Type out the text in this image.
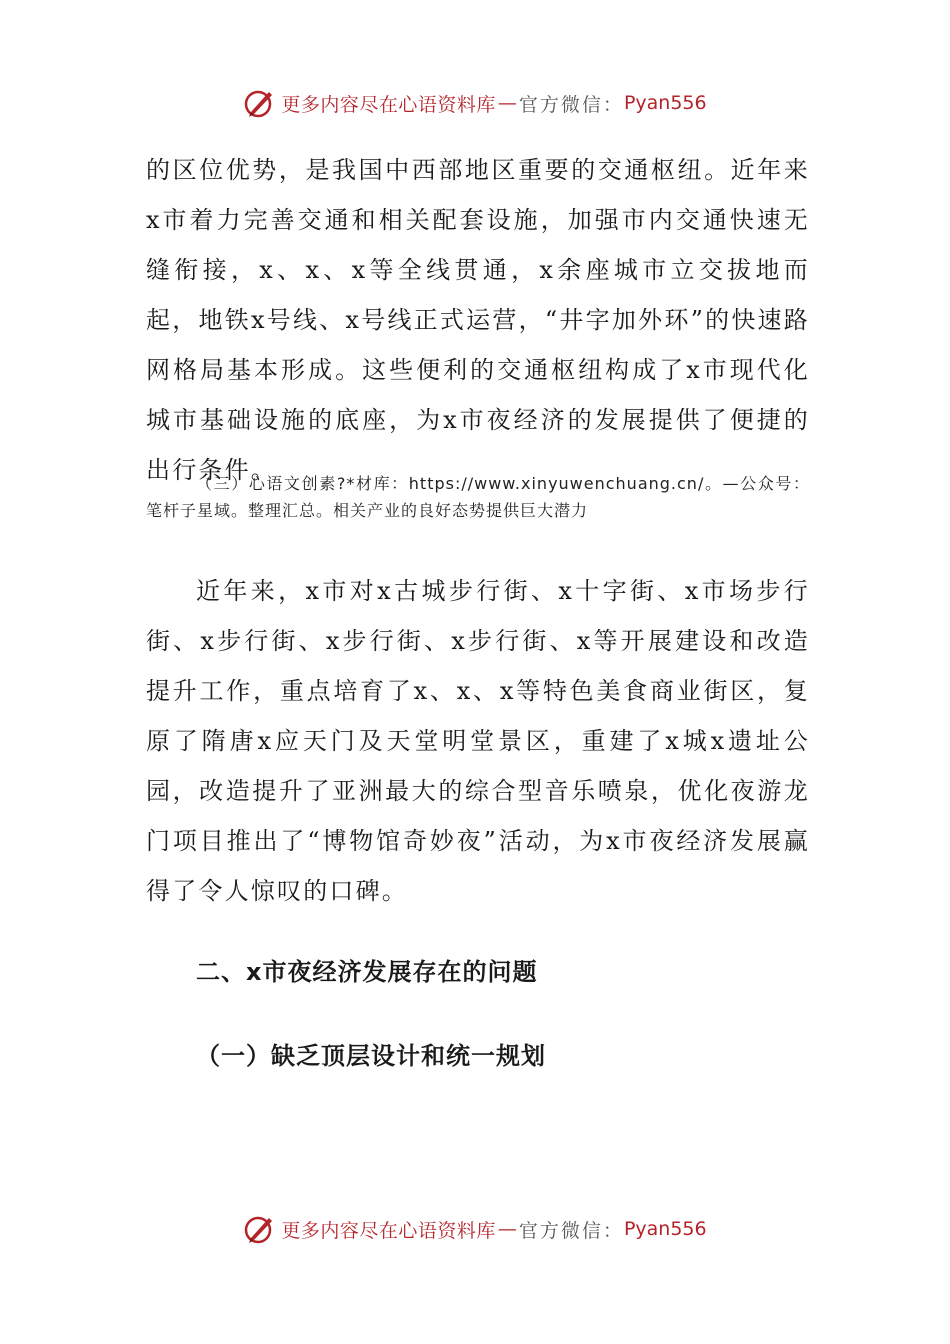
更多内容尽在心语资料库 — 官方微信： Pyan556

的区位优势，是我国中西部地区重要的交通枢纽。近年来x市着力完善交通和相关配套设施，加强市内交通快速无缝衔接，x、x、x等全线贯通，x余座城市立交拔地而起，地铁x号线、x号线正式运营，“井字加外环”的快速路网格局基本形成。这些便利的交通枢纽构成了x市现代化城市基础设施的底座，为x市夜经济的发展提供了便捷的出行条件。

（三）心语文创素?*材库：https://www.xinyuwenchuang.cn/。—公众号：笔杆子星域。整理汇总。相关产业的良好态势提供巨大潜力

近年来，x市对x古城步行街、x十字街、x市场步行街、x步行街、x步行街、x步行街、x等开展建设和改造提升工作，重点培育了x、x、x等特色美食商业街区，复原了隋唐x应天门及天堂明堂景区，重建了x城x遗址公园，改造提升了亚洲最大的综合型音乐喷泉，优化夜游龙门项目推出了“博物馆奇妙夜”活动，为x市夜经济发展赢得了令人惊叹的口碑。

二、x市夜经济发展存在的问题
（一）缺乏顶层设计和统一规划
更多内容尽在心语资料库 — 官方微信： Pyan556
